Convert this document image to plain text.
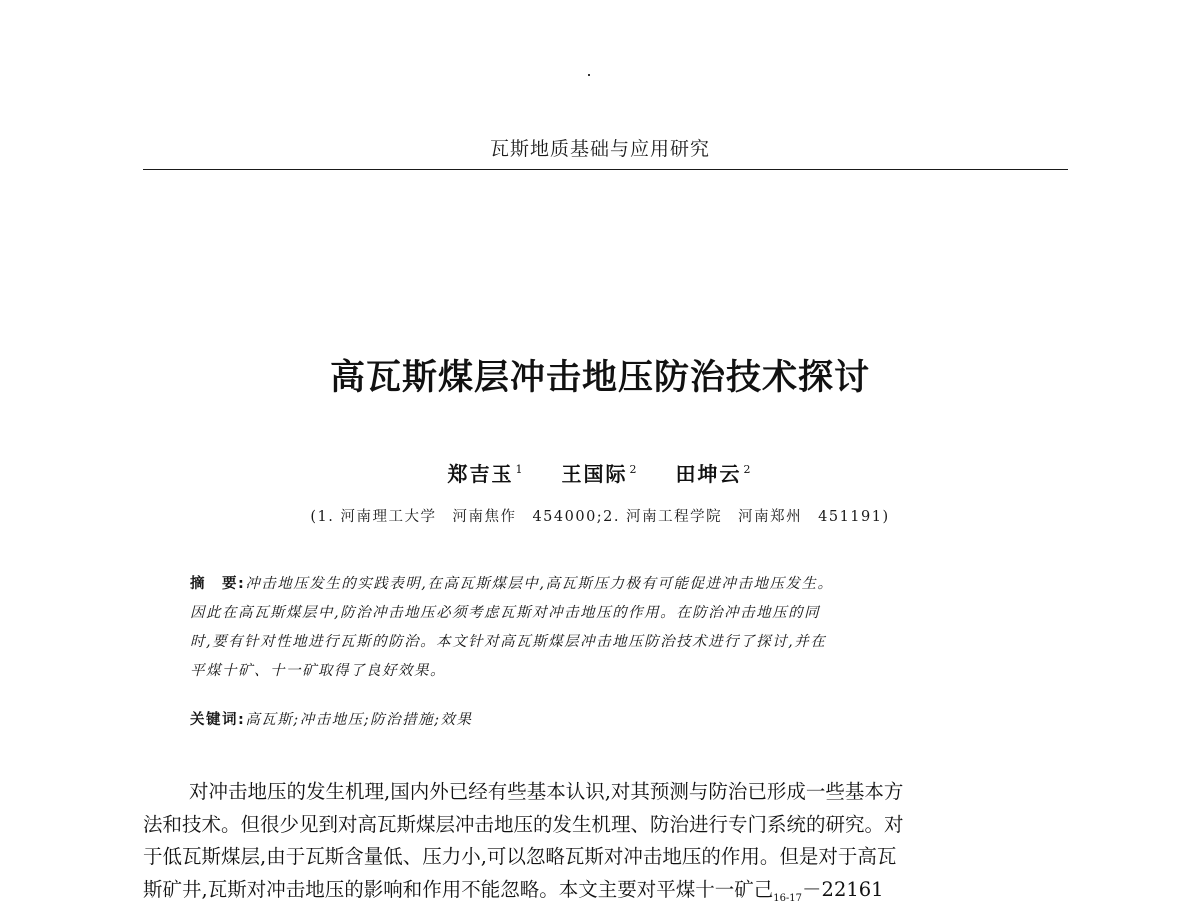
瓦斯地质基础与应用研究
高瓦斯煤层冲击地压防治技术探讨
郑吉玉 $^1$ 王国际 $^2$ 田坤云 $^2$
(1. 河南理工大学　河南焦作　454000;2. 河南工程学院　河南郑州　451191)
摘　要:冲击地压发生的实践表明,在高瓦斯煤层中,高瓦斯压力极有可能促进冲击地压发生。
因此在高瓦斯煤层中,防治冲击地压必须考虑瓦斯对冲击地压的作用。在防治冲击地压的同
时,要有针对性地进行瓦斯的防治。本文针对高瓦斯煤层冲击地压防治技术进行了探讨,并在
平煤十矿、十一矿取得了良好效果。
关键词:高瓦斯;冲击地压;防治措施;效果
对冲击地压的发生机理,国内外已经有些基本认识,对其预测与防治已形成一些基本方
法和技术。但很少见到对高瓦斯煤层冲击地压的发生机理、防治进行专门系统的研究。对
于低瓦斯煤层,由于瓦斯含量低、压力小,可以忽略瓦斯对冲击地压的作用。但是对于高瓦
斯矿井,瓦斯对冲击地压的影响和作用不能忽略。本文主要对平煤十一矿己$_{16-17}$－22161
